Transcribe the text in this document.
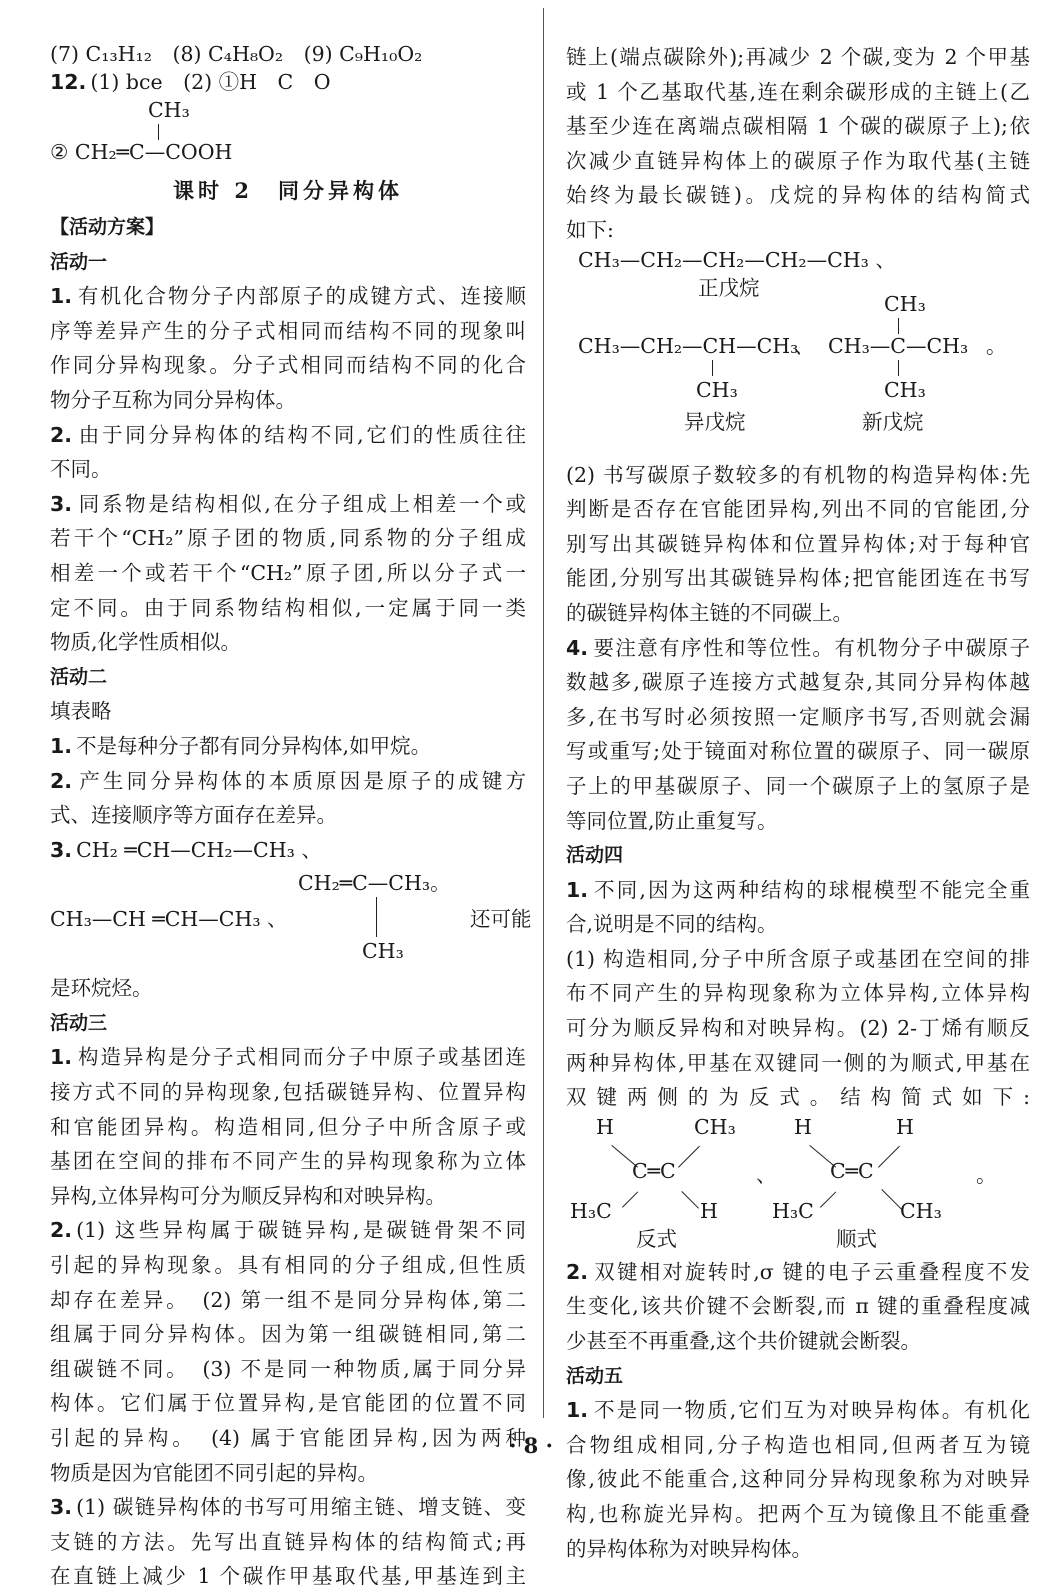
(7) C₁₃H₁₂　(8) C₄H₈O₂　(9) C₉H₁₀O₂
12. (1) bce　(2) ①H　C　O
CH₃
② CH₂═C—COOH
课时 2　同分异构体
【活动方案】
活动一
1. 有机化合物分子内部原子的成键方式、连接顺
序等差异产生的分子式相同而结构不同的现象叫
作同分异构现象。分子式相同而结构不同的化合
物分子互称为同分异构体。
2. 由于同分异构体的结构不同,它们的性质往往
不同。
3. 同系物是结构相似,在分子组成上相差一个或
若干个“CH₂”原子团的物质,同系物的分子组成
相差一个或若干个“CH₂”原子团,所以分子式一
定不同。由于同系物结构相似,一定属于同一类
物质,化学性质相似。
活动二
填表略
1. 不是每种分子都有同分异构体,如甲烷。
2. 产生同分异构体的本质原因是原子的成键方
式、连接顺序等方面存在差异。
3. CH₂ ═CH—CH₂—CH₃ 、
CH₂═C—CH₃。
CH₃—CH ═CH—CH₃ 、	还可能
CH₃
是环烷烃。
活动三
1. 构造异构是分子式相同而分子中原子或基团连
接方式不同的异构现象,包括碳链异构、位置异构
和官能团异构。构造相同,但分子中所含原子或
基团在空间的排布不同产生的异构现象称为立体
异构,立体异构可分为顺反异构和对映异构。
2. (1) 这些异构属于碳链异构,是碳链骨架不同
引起的异构现象。具有相同的分子组成,但性质
却存在差异。　(2) 第一组不是同分异构体,第二
组属于同分异构体。因为第一组碳链相同,第二
组碳链不同。　(3) 不是同一种物质,属于同分异
构体。它们属于位置异构,是官能团的位置不同
引起的异构。　(4) 属于官能团异构,因为两种
物质是因为官能团不同引起的异构。
3. (1) 碳链异构体的书写可用缩主链、增支链、变
支链的方法。先写出直链异构体的结构简式;再
在直链上减少 1 个碳作甲基取代基,甲基连到主
链上(端点碳除外);再减少 2 个碳,变为 2 个甲基
或 1 个乙基取代基,连在剩余碳形成的主链上(乙
基至少连在离端点碳相隔 1 个碳的碳原子上);依
次减少直链异构体上的碳原子作为取代基(主链
始终为最长碳链)。戊烷的异构体的结构简式
如下:
CH₃—CH₂—CH₂—CH₂—CH₃ 、
正戊烷
CH₃—CH₂—CH—CH₃
CH₃
、
异戊烷
CH₃
CH₃—C—CH₃ 。
CH₃
新戊烷
(2) 书写碳原子数较多的有机物的构造异构体:先
判断是否存在官能团异构,列出不同的官能团,分
别写出其碳链异构体和位置异构体;对于每种官
能团,分别写出其碳链异构体;把官能团连在书写
的碳链异构体主链的不同碳上。
4. 要注意有序性和等位性。有机物分子中碳原子
数越多,碳原子连接方式越复杂,其同分异构体越
多,在书写时必须按照一定顺序书写,否则就会漏
写或重写;处于镜面对称位置的碳原子、同一碳原
子上的甲基碳原子、同一个碳原子上的氢原子是
等同位置,防止重复写。
活动四
1. 不同,因为这两种结构的球棍模型不能完全重
合,说明是不同的结构。
(1) 构造相同,分子中所含原子或基团在空间的排
布不同产生的异构现象称为立体异构,立体异构
可分为顺反异构和对映异构。(2) 2-丁烯有顺反
两种异构体,甲基在双键同一侧的为顺式,甲基在
双键两侧的为反式。结构简式如下:
H	CH₃
C═C
H₃C	H
反式
、
H	H
C═C
H₃C	CH₃
顺式
。
2. 双键相对旋转时,σ 键的电子云重叠程度不发
生变化,该共价键不会断裂,而 π 键的重叠程度减
少甚至不再重叠,这个共价键就会断裂。
活动五
1. 不是同一物质,它们互为对映异构体。有机化
合物组成相同,分子构造也相同,但两者互为镜
像,彼此不能重合,这种同分异构现象称为对映异
构,也称旋光异构。把两个互为镜像且不能重叠
的异构体称为对映异构体。
· 8 ·
